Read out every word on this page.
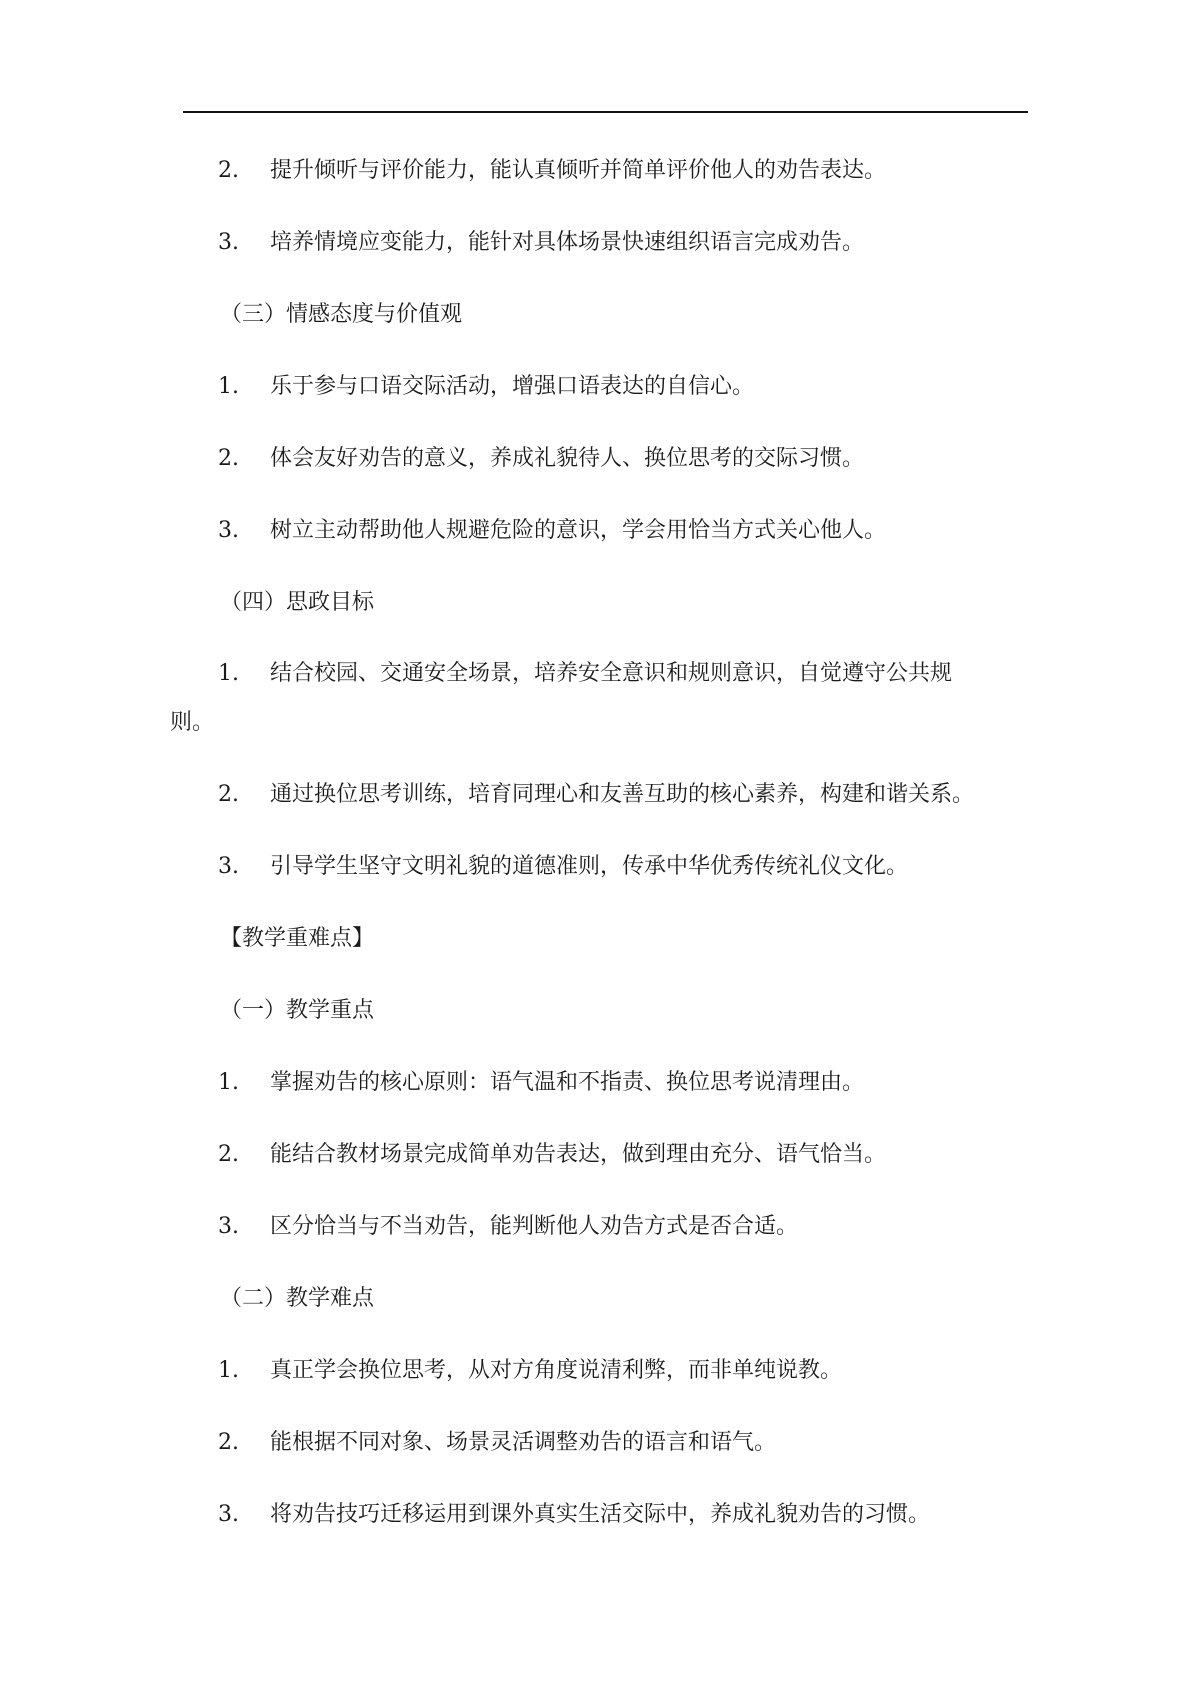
2.	提升倾听与评价能力，能认真倾听并简单评价他人的劝告表达。
3.	培养情境应变能力，能针对具体场景快速组织语言完成劝告。
（三）情感态度与价值观
1.	乐于参与口语交际活动，增强口语表达的自信心。
2.	体会友好劝告的意义，养成礼貌待人、换位思考的交际习惯。
3.	树立主动帮助他人规避危险的意识，学会用恰当方式关心他人。
（四）思政目标
1.	结合校园、交通安全场景，培养安全意识和规则意识，自觉遵守公共规
则。
2.	通过换位思考训练，培育同理心和友善互助的核心素养，构建和谐关系。
3.	引导学生坚守文明礼貌的道德准则，传承中华优秀传统礼仪文化。
【教学重难点】
（一）教学重点
1.	掌握劝告的核心原则：语气温和不指责、换位思考说清理由。
2.	能结合教材场景完成简单劝告表达，做到理由充分、语气恰当。
3.	区分恰当与不当劝告，能判断他人劝告方式是否合适。
（二）教学难点
1.	真正学会换位思考，从对方角度说清利弊，而非单纯说教。
2.	能根据不同对象、场景灵活调整劝告的语言和语气。
3.	将劝告技巧迁移运用到课外真实生活交际中，养成礼貌劝告的习惯。
